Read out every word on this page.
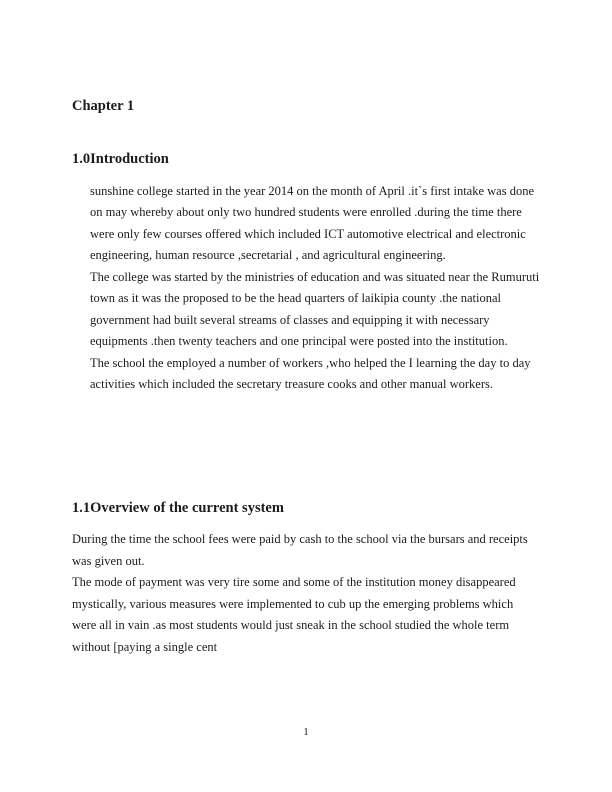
Chapter 1
1.0Introduction

sunshine college started in the year 2014 on the month of April .it`s first intake was done on may whereby about only two hundred students were enrolled .during the time there were only few courses offered which included ICT automotive electrical and electronic engineering, human resource ,secretarial , and agricultural engineering.

The college was started by the ministries of education and was situated near the Rumuruti town as it was the proposed to be the head quarters of laikipia county .the national government had built several streams of classes and equipping it with necessary equipments .then twenty teachers and one principal were posted into the institution.

The school the employed a number of workers ,who helped the I learning the day to day activities which included the secretary treasure cooks and other manual workers.

1.1Overview of the current system

During the time the school fees were paid by cash to the school via the bursars and receipts was given out.

The mode of payment was very tire some and some of the institution money disappeared mystically, various measures were implemented to cub up the emerging problems which were all in vain .as most students would just sneak in the school studied the whole term without [paying a single cent

1
